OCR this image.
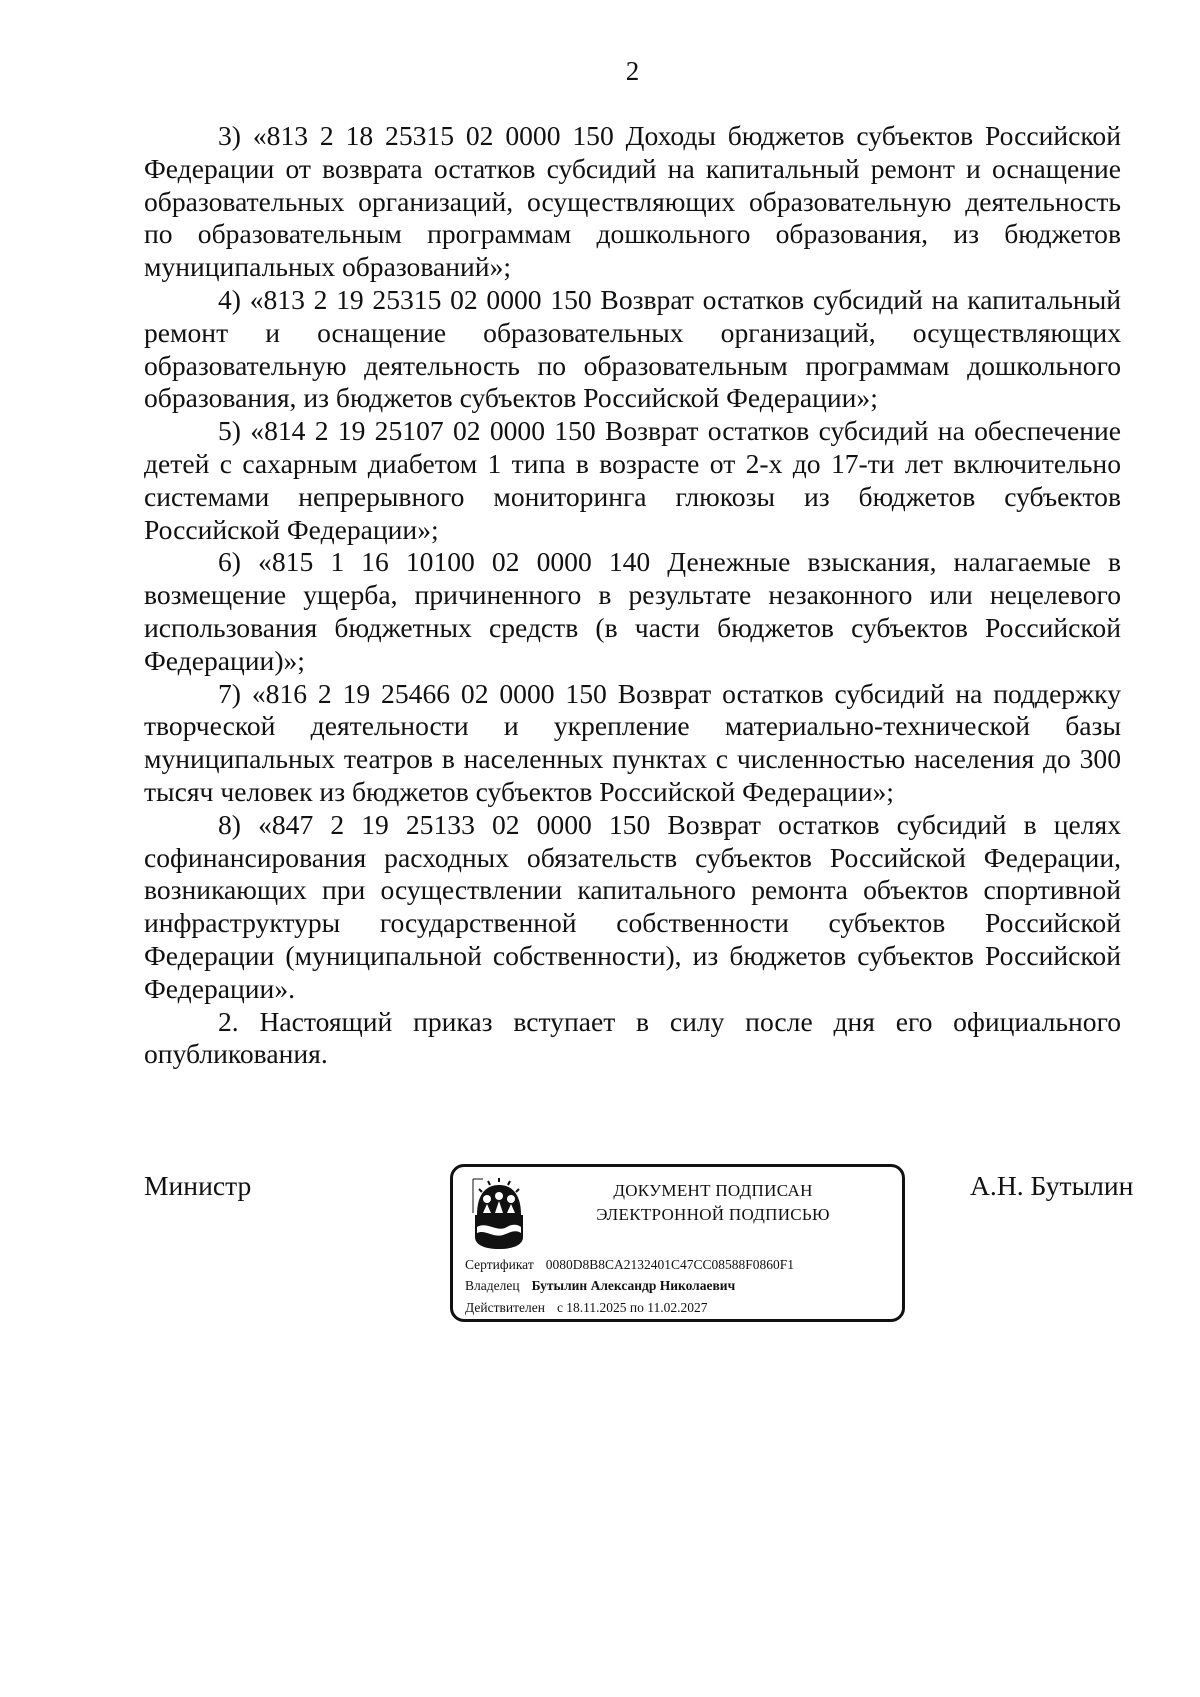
2

3) «813 2 18 25315 02 0000 150 Доходы бюджетов субъектов Российской Федерации от возврата остатков субсидий на капитальный ремонт и оснащение образовательных организаций, осуществляющих образовательную деятельность по образовательным программам дошкольного образования, из бюджетов муниципальных образований»;

4) «813 2 19 25315 02 0000 150 Возврат остатков субсидий на капитальный ремонт и оснащение образовательных организаций, осуществляющих образовательную деятельность по образовательным программам дошкольного образования, из бюджетов субъектов Российской Федерации»;

5) «814 2 19 25107 02 0000 150 Возврат остатков субсидий на обеспечение детей с сахарным диабетом 1 типа в возрасте от 2-х до 17-ти лет включительно системами непрерывного мониторинга глюкозы из бюджетов субъектов Российской Федерации»;

6) «815 1 16 10100 02 0000 140 Денежные взыскания, налагаемые в возмещение ущерба, причиненного в результате незаконного или нецелевого использования бюджетных средств (в части бюджетов субъектов Российской Федерации)»;

7) «816 2 19 25466 02 0000 150 Возврат остатков субсидий на поддержку творческой деятельности и укрепление материально-технической базы муниципальных театров в населенных пунктах с численностью населения до 300 тысяч человек из бюджетов субъектов Российской Федерации»;

8) «847 2 19 25133 02 0000 150 Возврат остатков субсидий в целях софинансирования расходных обязательств субъектов Российской Федерации, возникающих при осуществлении капитального ремонта объектов спортивной инфраструктуры государственной собственности субъектов Российской Федерации (муниципальной собственности), из бюджетов субъектов Российской Федерации».

2. Настоящий приказ вступает в силу после дня его официального опубликования.

Министр	ДОКУМЕНТ ПОДПИСАН
ЭЛЕКТРОННОЙ ПОДПИСЬЮ
Сертификат 0080D8B8CA2132401C47CC08588F0860F1
Владелец Бутылин Александр Николаевич
Действителен с 18.11.2025 по 11.02.2027
А.Н. Бутылин
